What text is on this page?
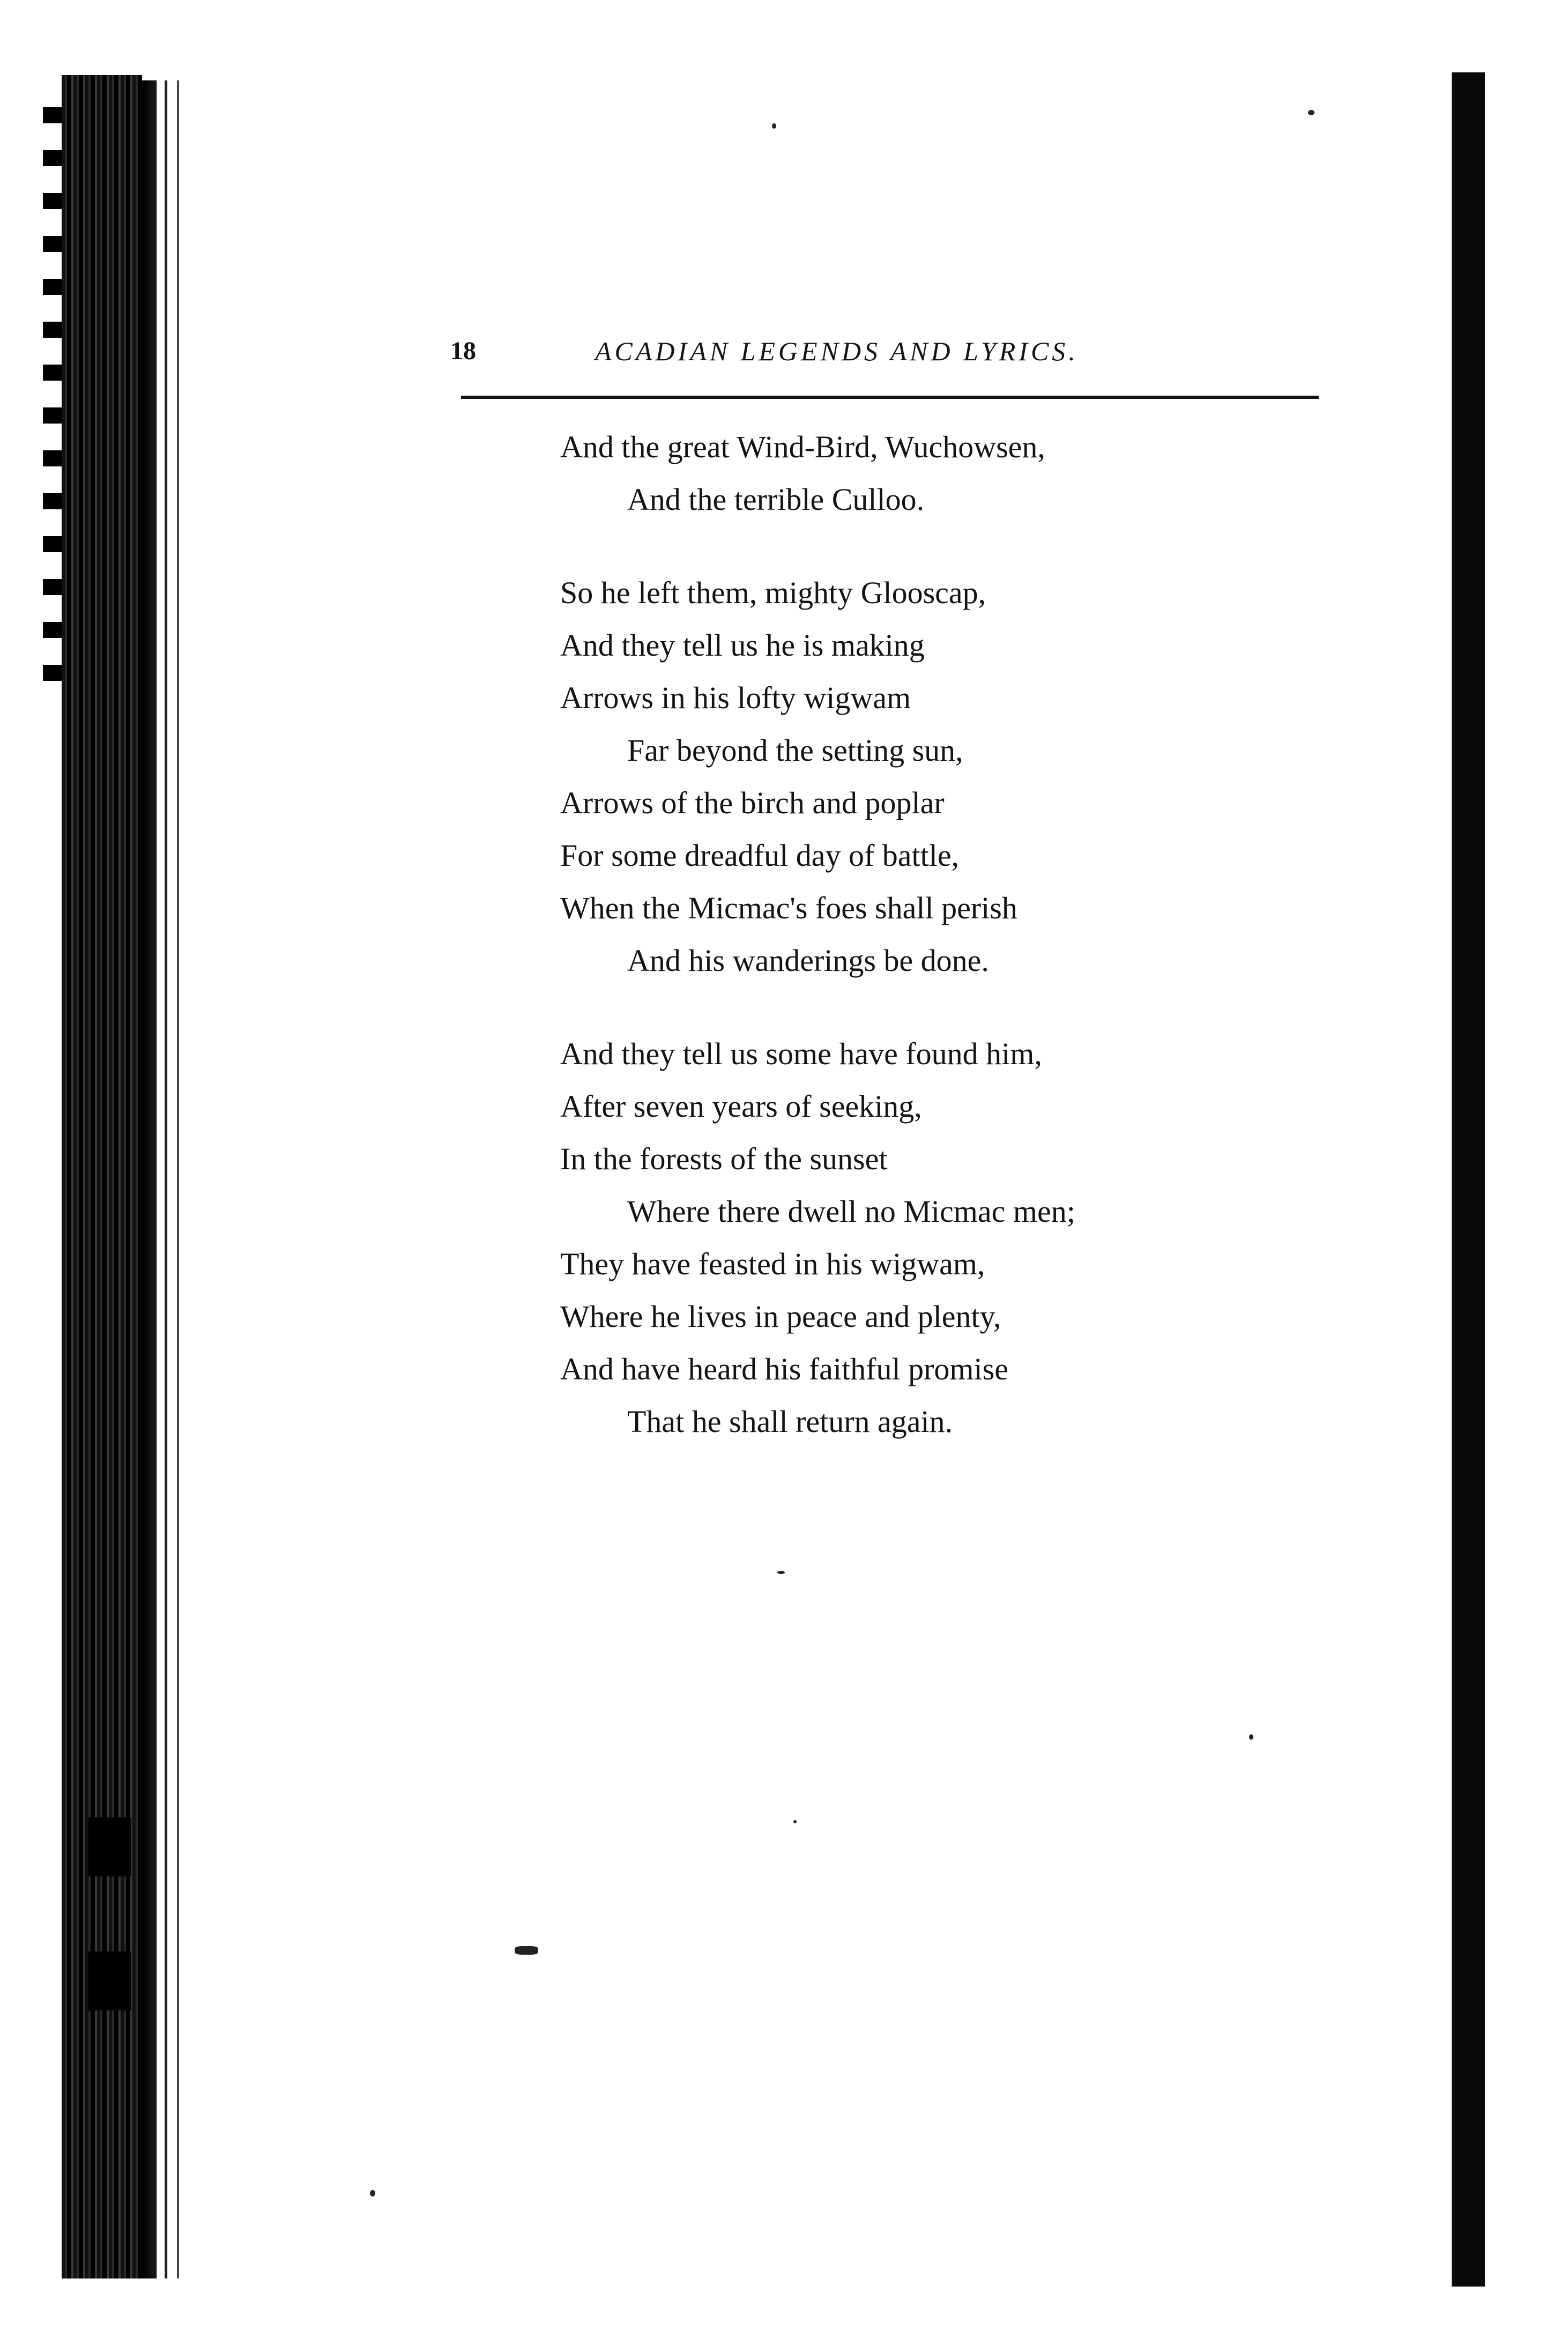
18	ACADIAN LEGENDS AND LYRICS.
And the great Wind-Bird, Wuchowsen,
And the terrible Culloo.
So he left them, mighty Glooscap,
And they tell us he is making
Arrows in his lofty wigwam
Far beyond the setting sun,
Arrows of the birch and poplar
For some dreadful day of battle,
When the Micmac's foes shall perish
And his wanderings be done.
And they tell us some have found him,
After seven years of seeking,
In the forests of the sunset
Where there dwell no Micmac men;
They have feasted in his wigwam,
Where he lives in peace and plenty,
And have heard his faithful promise
That he shall return again.
